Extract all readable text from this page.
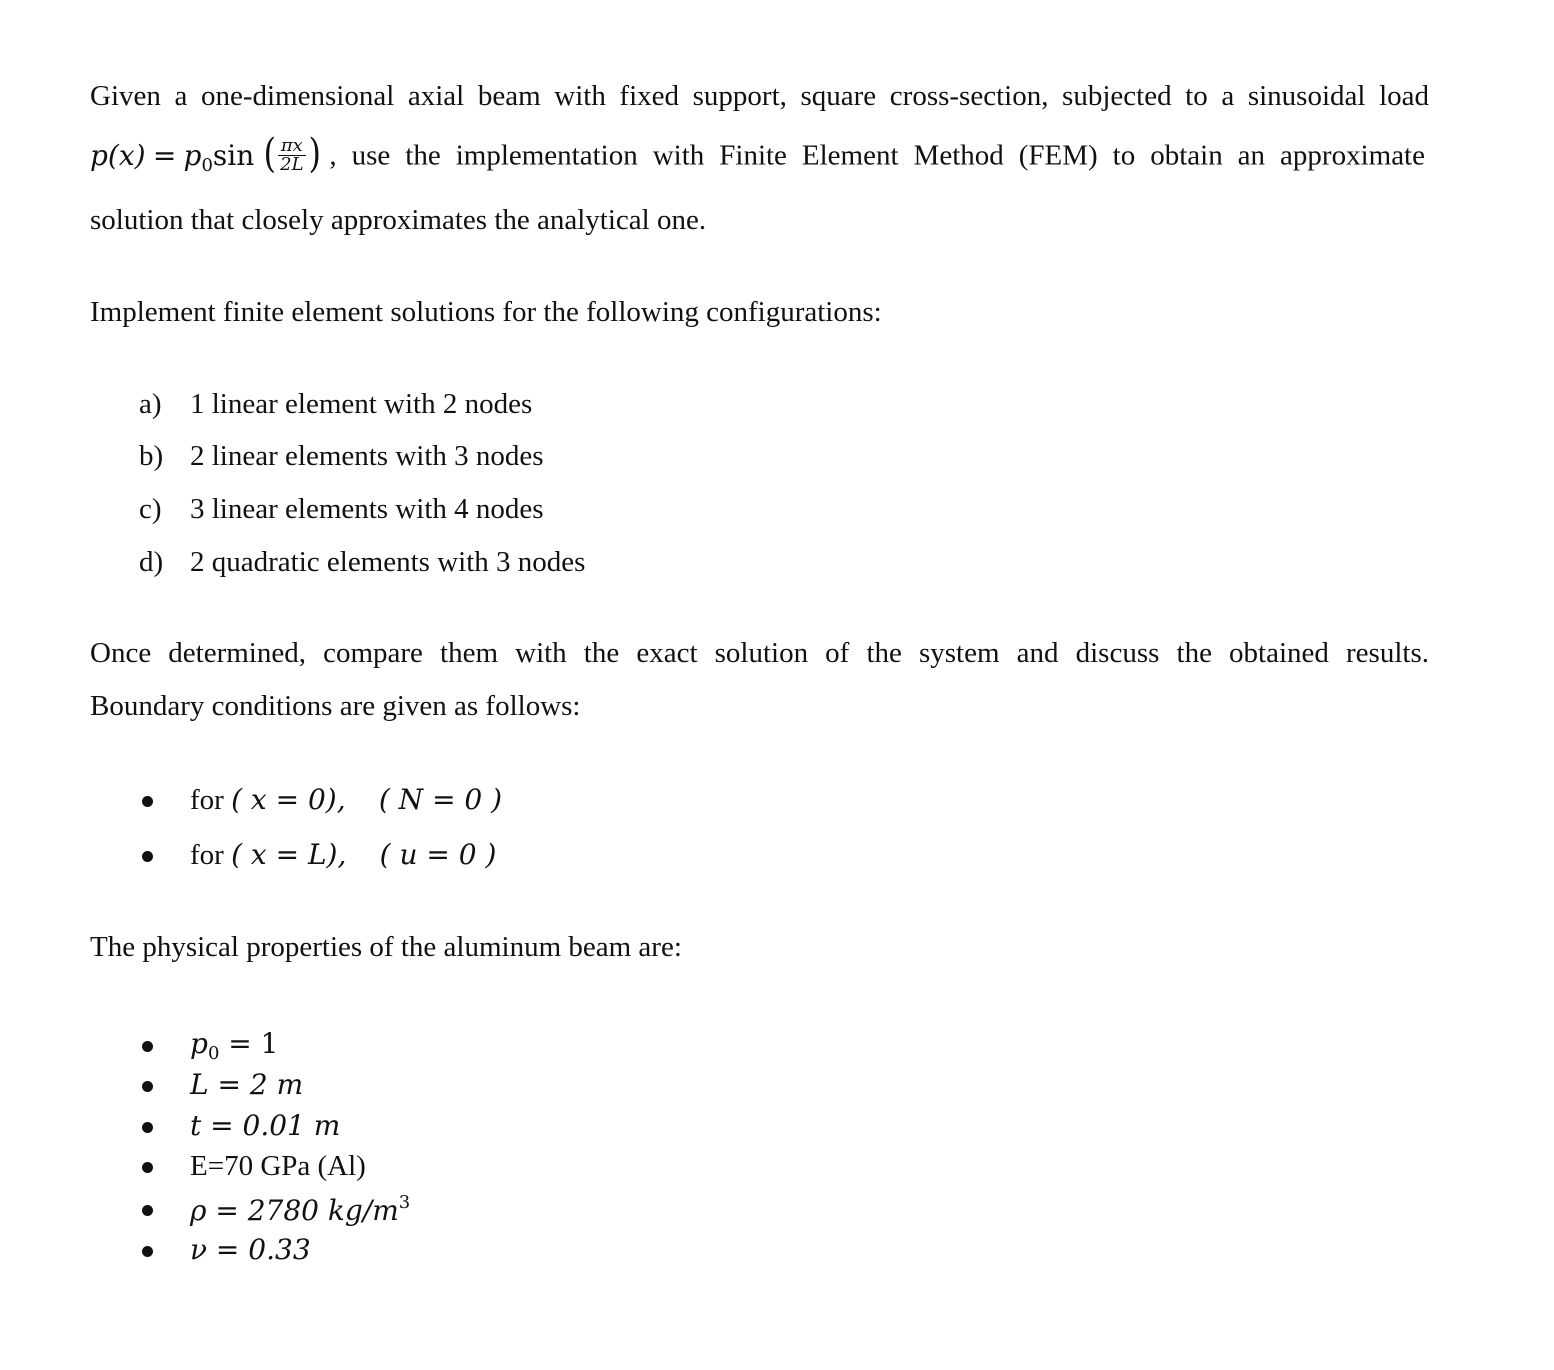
Given a one-dimensional axial beam with fixed support, square cross-section, subjected to a sinusoidal load
$p(x) = p_0\sin$ ( $\frac{\pi x}{2L}$ ) , use the implementation with Finite Element Method (FEM) to obtain an approximate
solution that closely approximates the analytical one.
Implement finite element solutions for the following configurations:
a) 1 linear element with 2 nodes
b) 2 linear elements with 3 nodes
c) 3 linear elements with 4 nodes
d) 2 quadratic elements with 3 nodes
Once determined, compare them with the exact solution of the system and discuss the obtained results.
Boundary conditions are given as follows:
for ( x = 0), ( N = 0 )
for ( x = L), ( u = 0 )
The physical properties of the aluminum beam are:
$p_0 = 1$
L = 2 m
t = 0.01 m
E=70 GPa (Al)
ρ = 2780 $kg/m^3$
ν = 0.33
